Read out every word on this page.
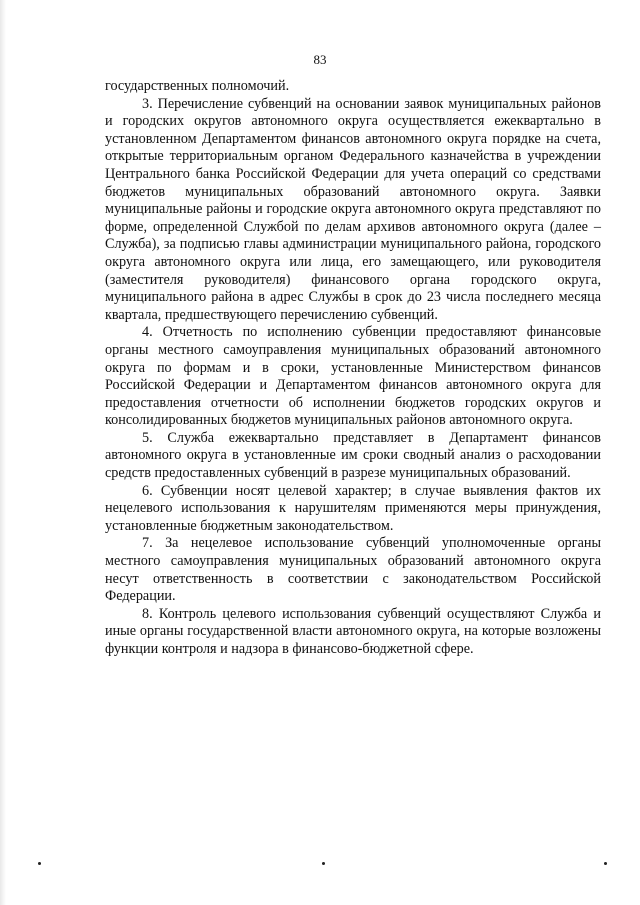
83

государственных полномочий.

3. Перечисление субвенций на основании заявок муниципальных районов и городских округов автономного округа осуществляется ежеквартально в установленном Департаментом финансов автономного округа порядке на счета, открытые территориальным органом Федерального казначейства в учреждении Центрального банка Российской Федерации для учета операций со средствами бюджетов муниципальных образований автономного округа. Заявки муниципальные районы и городские округа автономного округа представляют по форме, определенной Службой по делам архивов автономного округа (далее – Служба), за подписью главы администрации муниципального района, городского округа автономного округа или лица, его замещающего, или руководителя (заместителя руководителя) финансового органа городского округа, муниципального района в адрес Службы в срок до 23 числа последнего месяца квартала, предшествующего перечислению субвенций.

4. Отчетность по исполнению субвенции предоставляют финансовые органы местного самоуправления муниципальных образований автономного округа по формам и в сроки, установленные Министерством финансов Российской Федерации и Департаментом финансов автономного округа для предоставления отчетности об исполнении бюджетов городских округов и консолидированных бюджетов муниципальных районов автономного округа.

5. Служба ежеквартально представляет в Департамент финансов автономного округа в установленные им сроки сводный анализ о расходовании средств предоставленных субвенций в разрезе муниципальных образований.

6. Субвенции носят целевой характер; в случае выявления фактов их нецелевого использования к нарушителям применяются меры принуждения, установленные бюджетным законодательством.

7. За нецелевое использование субвенций уполномоченные органы местного самоуправления муниципальных образований автономного округа несут ответственность в соответствии с законодательством Российской Федерации.

8. Контроль целевого использования субвенций осуществляют Служба и иные органы государственной власти автономного округа, на которые возложены функции контроля и надзора в финансово-бюджетной сфере.
